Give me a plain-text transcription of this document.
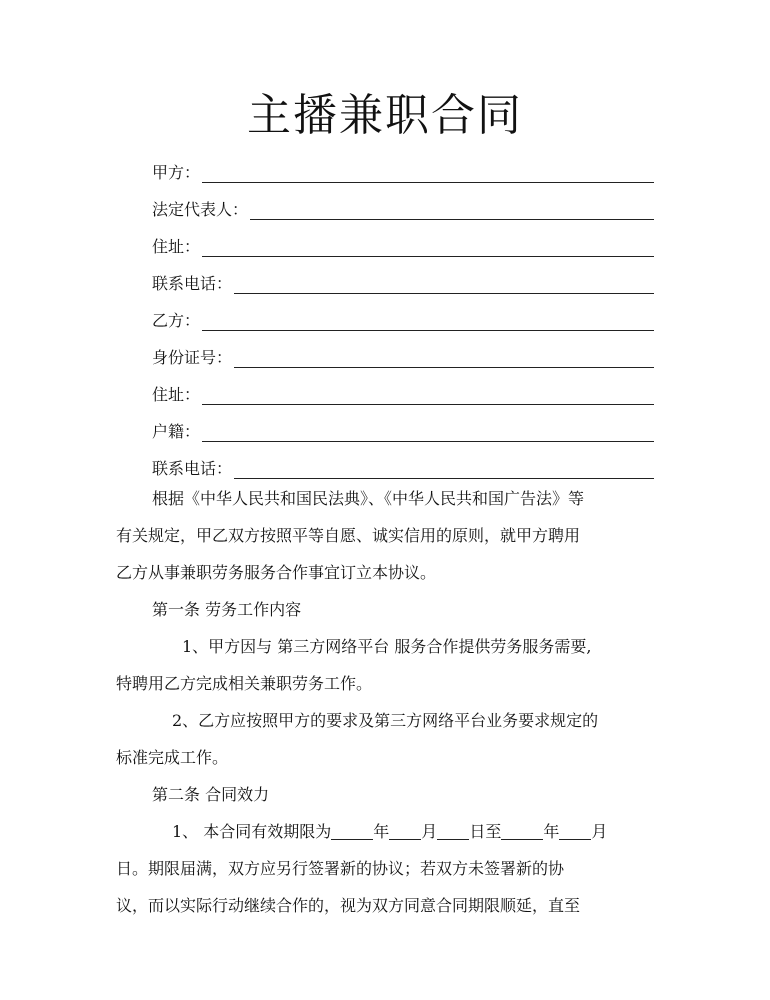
主播兼职合同
甲方：
法定代表人：
住址：
联系电话：
乙方：
身份证号：
住址：
户籍：
联系电话：

根据《中华人民共和国民法典》、《中华人民共和国广告法》等

有关规定，甲乙双方按照平等自愿、诚实信用的原则，就甲方聘用

乙方从事兼职劳务服务合作事宜订立本协议。

第一条 劳务工作内容

1、甲方因与 第三方网络平台 服务合作提供劳务服务需要,

特聘用乙方完成相关兼职劳务工作。

2、乙方应按照甲方的要求及第三方网络平台业务要求规定的

标准完成工作。

第二条 合同效力

1、 本合同有效期限为	年 月 日至	年 月

日。期限届满，双方应另行签署新的协议；若双方未签署新的协

议，而以实际行动继续合作的，视为双方同意合同期限顺延，直至
